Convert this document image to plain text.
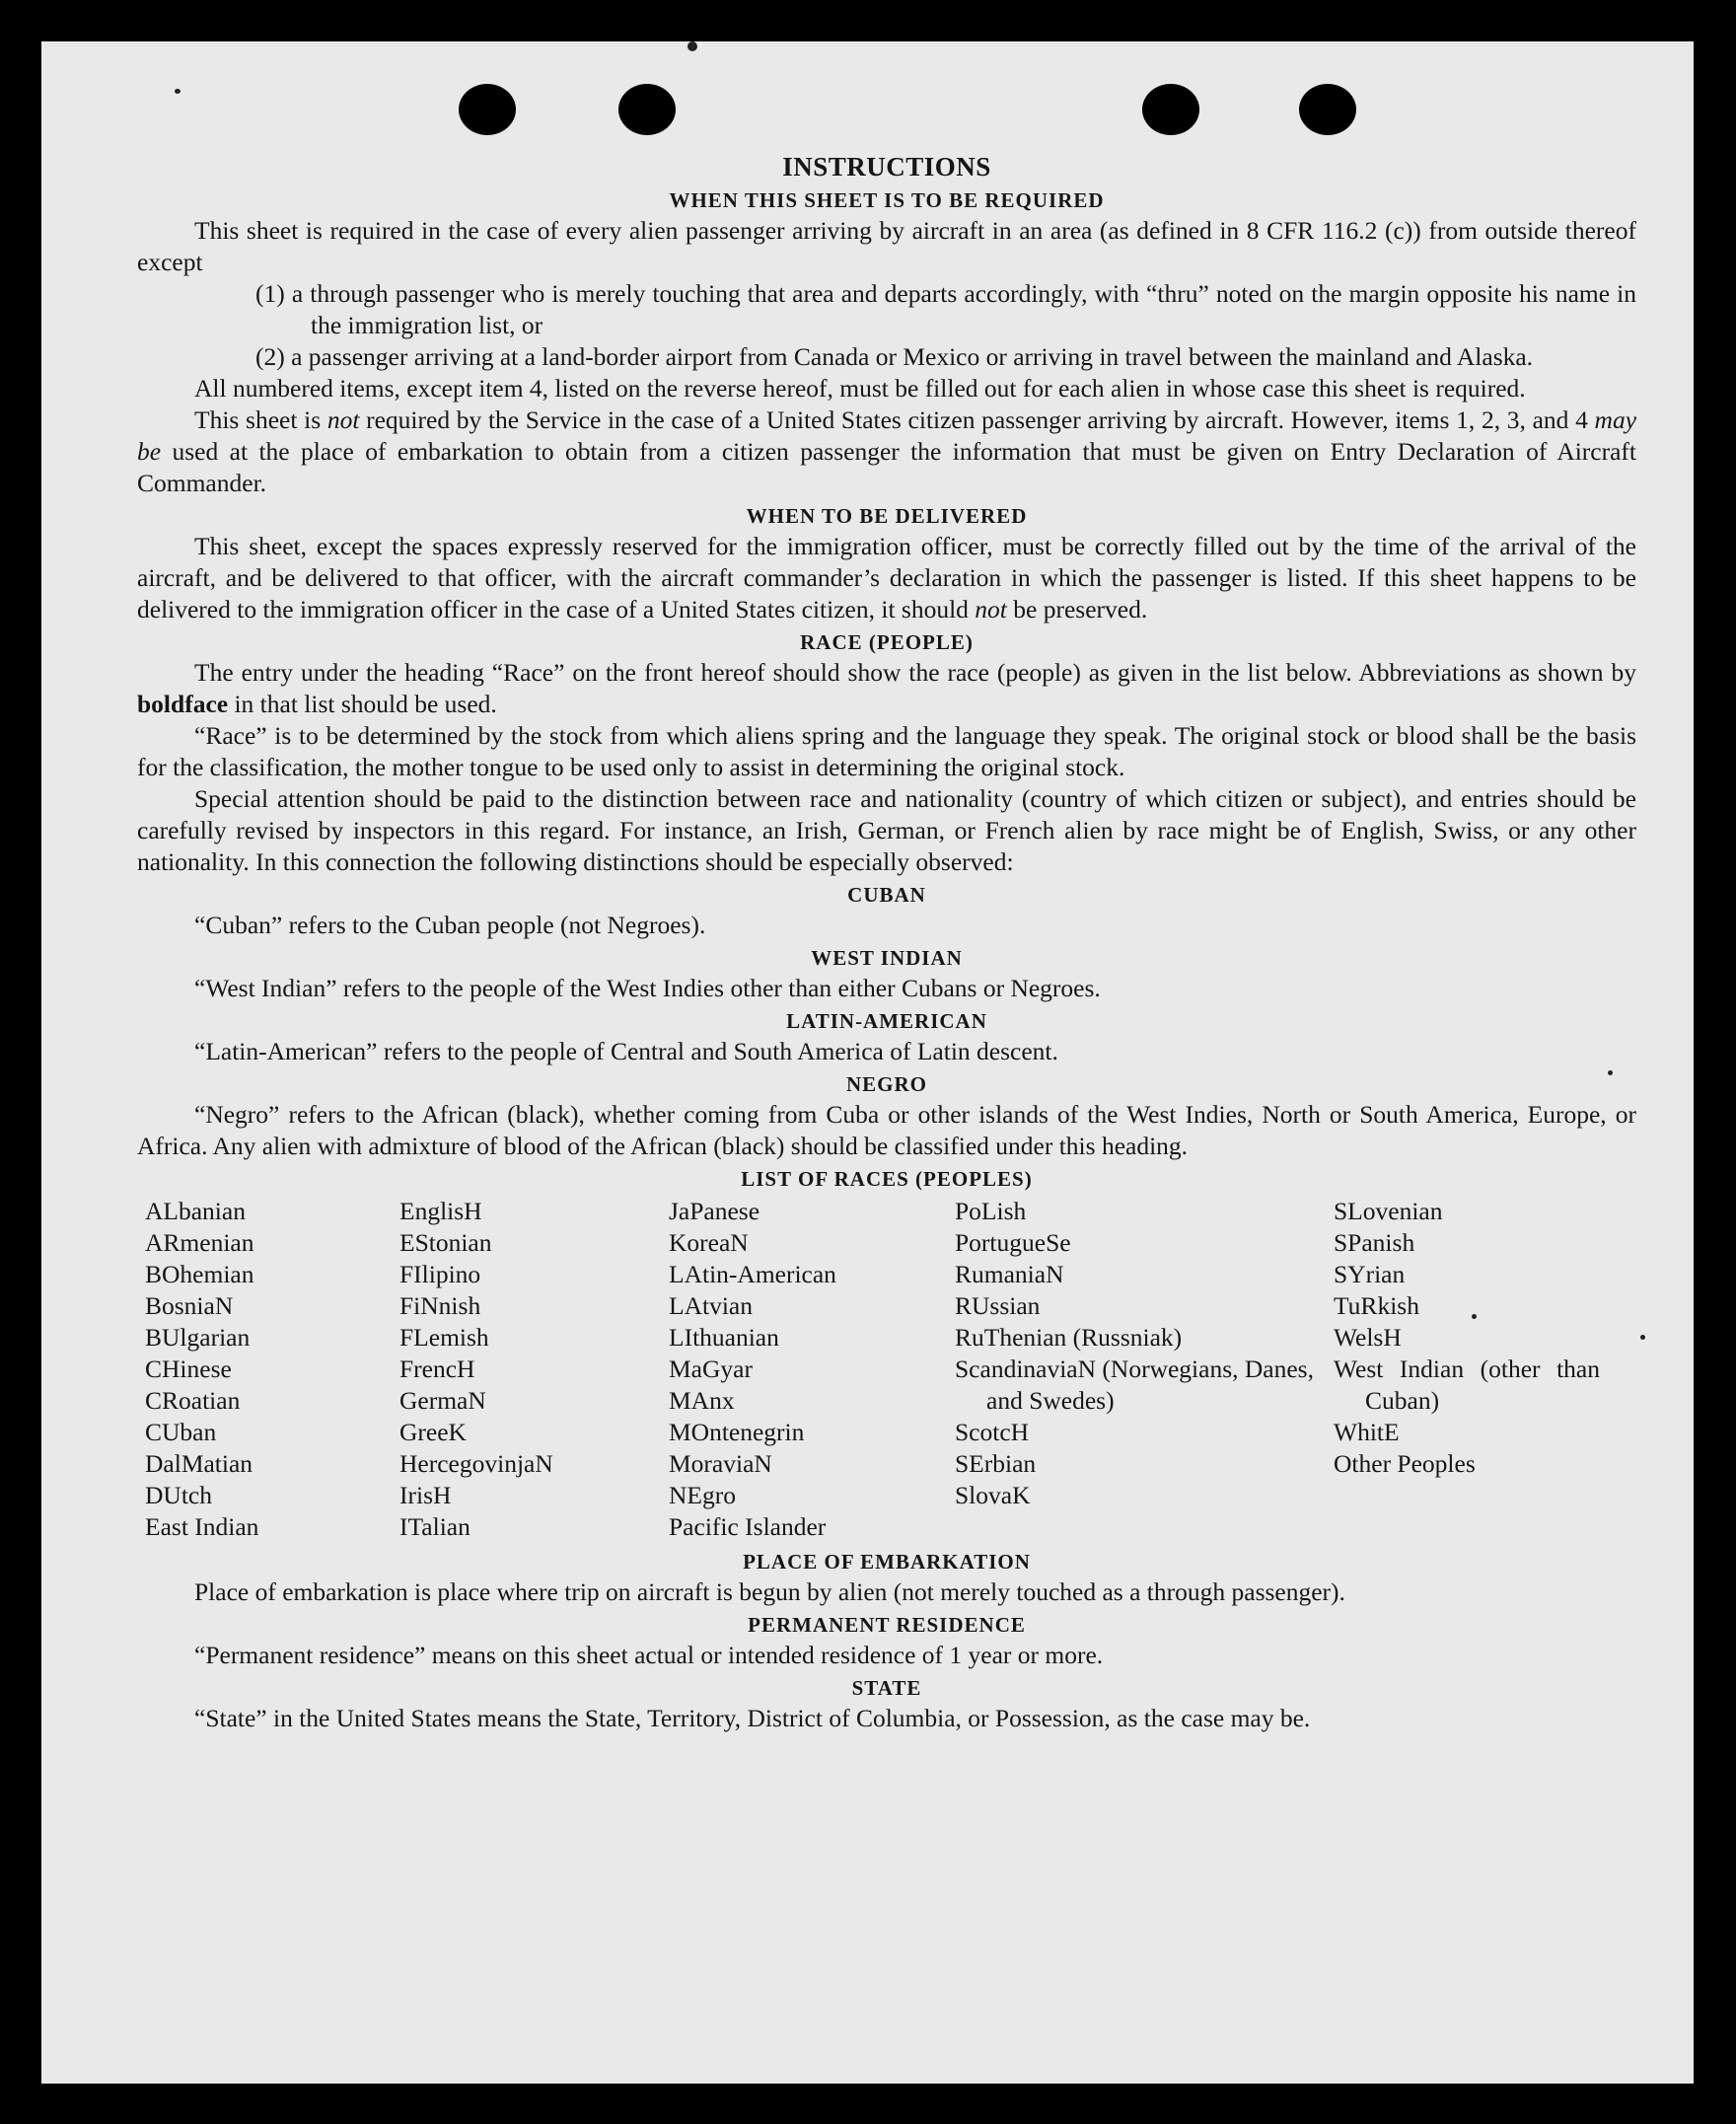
INSTRUCTIONS
WHEN THIS SHEET IS TO BE REQUIRED

This sheet is required in the case of every alien passenger arriving by aircraft in an area (as defined in 8 CFR 116.2 (c)) from outside thereof except

(1) a through passenger who is merely touching that area and departs accordingly, with “thru” noted on the margin opposite his name in the immigration list, or

(2) a passenger arriving at a land-border airport from Canada or Mexico or arriving in travel between the mainland and Alaska.

All numbered items, except item 4, listed on the reverse hereof, must be filled out for each alien in whose case this sheet is required.

This sheet is not required by the Service in the case of a United States citizen passenger arriving by aircraft. However, items 1, 2, 3, and 4 may be used at the place of embarkation to obtain from a citizen passenger the information that must be given on Entry Declaration of Aircraft Commander.

WHEN TO BE DELIVERED

This sheet, except the spaces expressly reserved for the immigration officer, must be correctly filled out by the time of the arrival of the aircraft, and be delivered to that officer, with the aircraft commander’s declaration in which the passenger is listed. If this sheet happens to be delivered to the immigration officer in the case of a United States citizen, it should not be preserved.

RACE (PEOPLE)

The entry under the heading “Race” on the front hereof should show the race (people) as given in the list below. Abbreviations as shown by boldface in that list should be used.

“Race” is to be determined by the stock from which aliens spring and the language they speak. The original stock or blood shall be the basis for the classification, the mother tongue to be used only to assist in determining the original stock.

Special attention should be paid to the distinction between race and nationality (country of which citizen or subject), and entries should be carefully revised by inspectors in this regard. For instance, an Irish, German, or French alien by race might be of English, Swiss, or any other nationality. In this connection the following distinctions should be especially observed:

CUBAN

“Cuban” refers to the Cuban people (not Negroes).

WEST INDIAN

“West Indian” refers to the people of the West Indies other than either Cubans or Negroes.

LATIN-AMERICAN

“Latin-American” refers to the people of Central and South America of Latin descent.

NEGRO

“Negro” refers to the African (black), whether coming from Cuba or other islands of the West Indies, North or South America, Europe, or Africa. Any alien with admixture of blood of the African (black) should be classified under this heading.

LIST OF RACES (PEOPLES)
ALbanian
ARmenian
BOhemian
BosniaN
BUlgarian
CHinese
CRoatian
CUban
DalMatian
DUtch
East Indian
EnglisH
EStonian
FIlipino
FiNnish
FLemish
FrencH
GermaN
GreeK
HercegovinjaN
IrisH
ITalian
JaPanese
KoreaN
LAtin-American
LAtvian
LIthuanian
MaGyar
MAnx
MOntenegrin
MoraviaN
NEgro
Pacific Islander
PoLish
PortugueSe
RumaniaN
RUssian
RuThenian (Russniak)
ScandinaviaN (Norwegians, Danes, and Swedes)
ScotcH
SErbian
SlovaK
SLovenian
SPanish
SYrian
TuRkish
WelsH
West Indian (other than Cuban)
WhitE
Other Peoples
PLACE OF EMBARKATION

Place of embarkation is place where trip on aircraft is begun by alien (not merely touched as a through passenger).

PERMANENT RESIDENCE

“Permanent residence” means on this sheet actual or intended residence of 1 year or more.

STATE

“State” in the United States means the State, Territory, District of Columbia, or Possession, as the case may be.
